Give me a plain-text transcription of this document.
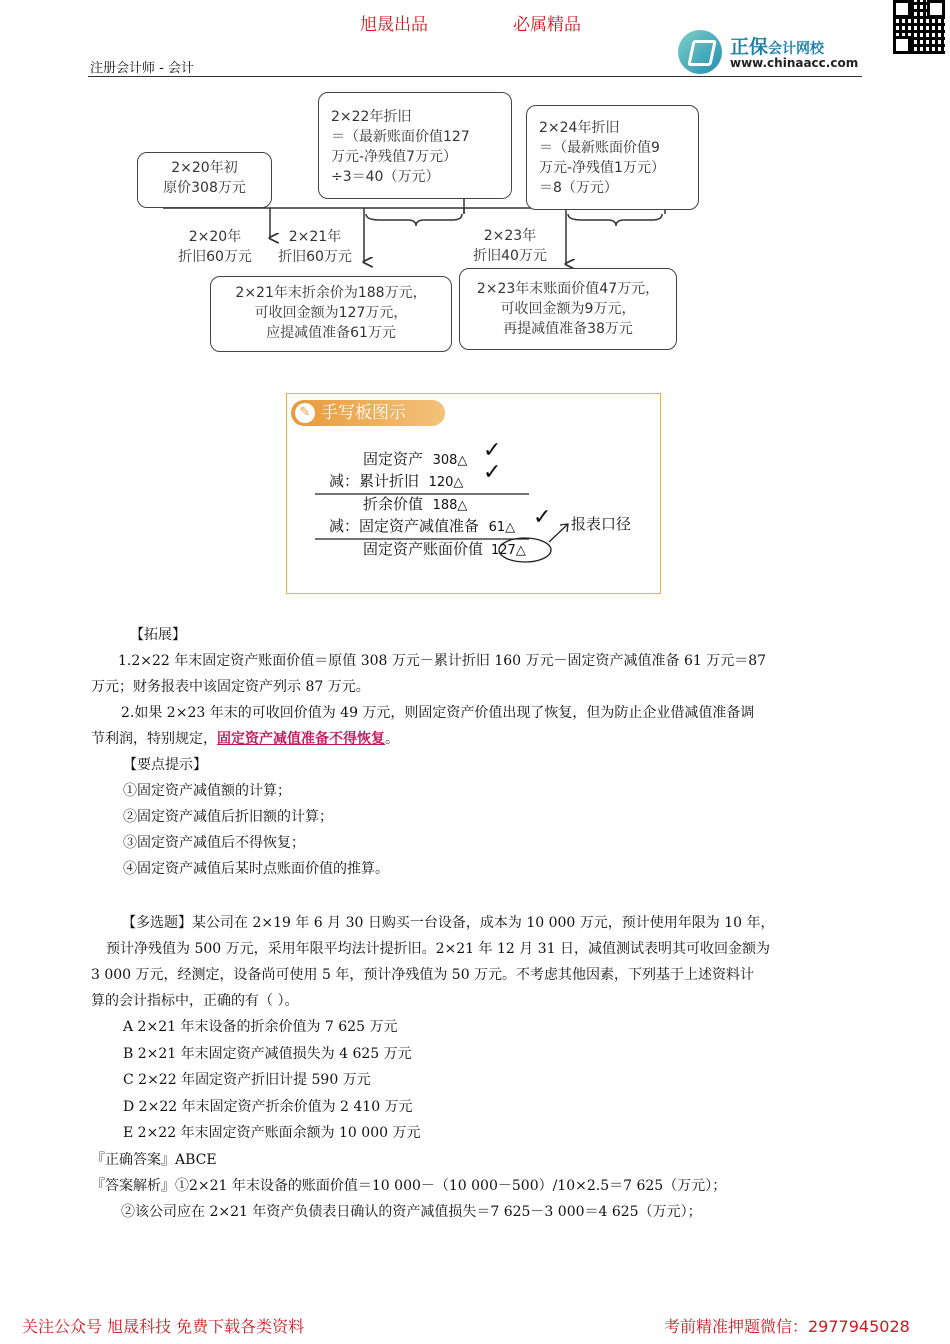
旭晟出品	必属精品
正保会计网校
www.chinaacc.com
注册会计师 - 会计
2×20年初
原价308万元
2×22年折旧
＝（最新账面价值127
万元-净残值7万元）
÷3＝40（万元）
2×24年折旧
＝（最新账面价值9
万元-净残值1万元）
＝8（万元）
2×20年
折旧60万元
2×21年
折旧60万元
2×23年
折旧40万元
2×21年末折余价为188万元，
可收回金额为127万元，
应提减值准备61万元
2×23年末账面价值47万元，
可收回金额为9万元，
再提减值准备38万元
✎ 手写板图示
固定资产 308△ ✓
减：累计折旧 120△ ✓
折余价值 188△
减：固定资产减值准备 61△ ✓ 报表口径
固定资产账面价值 127△
【拓展】
1.2×22 年末固定资产账面价值＝原值 308 万元－累计折旧 160 万元－固定资产减值准备 61 万元＝87
万元；财务报表中该固定资产列示 87 万元。
2.如果 2×23 年末的可收回价值为 49 万元，则固定资产价值出现了恢复，但为防止企业借减值准备调
节利润，特别规定，固定资产减值准备不得恢复。
【要点提示】
①固定资产减值额的计算；
②固定资产减值后折旧额的计算；
③固定资产减值后不得恢复；
④固定资产减值后某时点账面价值的推算。
【多选题】某公司在 2×19 年 6 月 30 日购买一台设备，成本为 10 000 万元，预计使用年限为 10 年，
预计净残值为 500 万元，采用年限平均法计提折旧。2×21 年 12 月 31 日，减值测试表明其可收回金额为
3 000 万元，经测定，设备尚可使用 5 年，预计净残值为 50 万元。不考虑其他因素，下列基于上述资料计
算的会计指标中，正确的有（ ）。
A 2×21 年末设备的折余价值为 7 625 万元
B 2×21 年末固定资产减值损失为 4 625 万元
C 2×22 年固定资产折旧计提 590 万元
D 2×22 年末固定资产折余价值为 2 410 万元
E 2×22 年末固定资产账面余额为 10 000 万元
『正确答案』ABCE
『答案解析』①2×21 年末设备的账面价值＝10 000－（10 000－500）/10×2.5＝7 625（万元）；
②该公司应在 2×21 年资产负债表日确认的资产减值损失＝7 625－3 000＝4 625（万元）；
关注公众号 旭晟科技 免费下载各类资料	考前精准押题微信：2977945028
